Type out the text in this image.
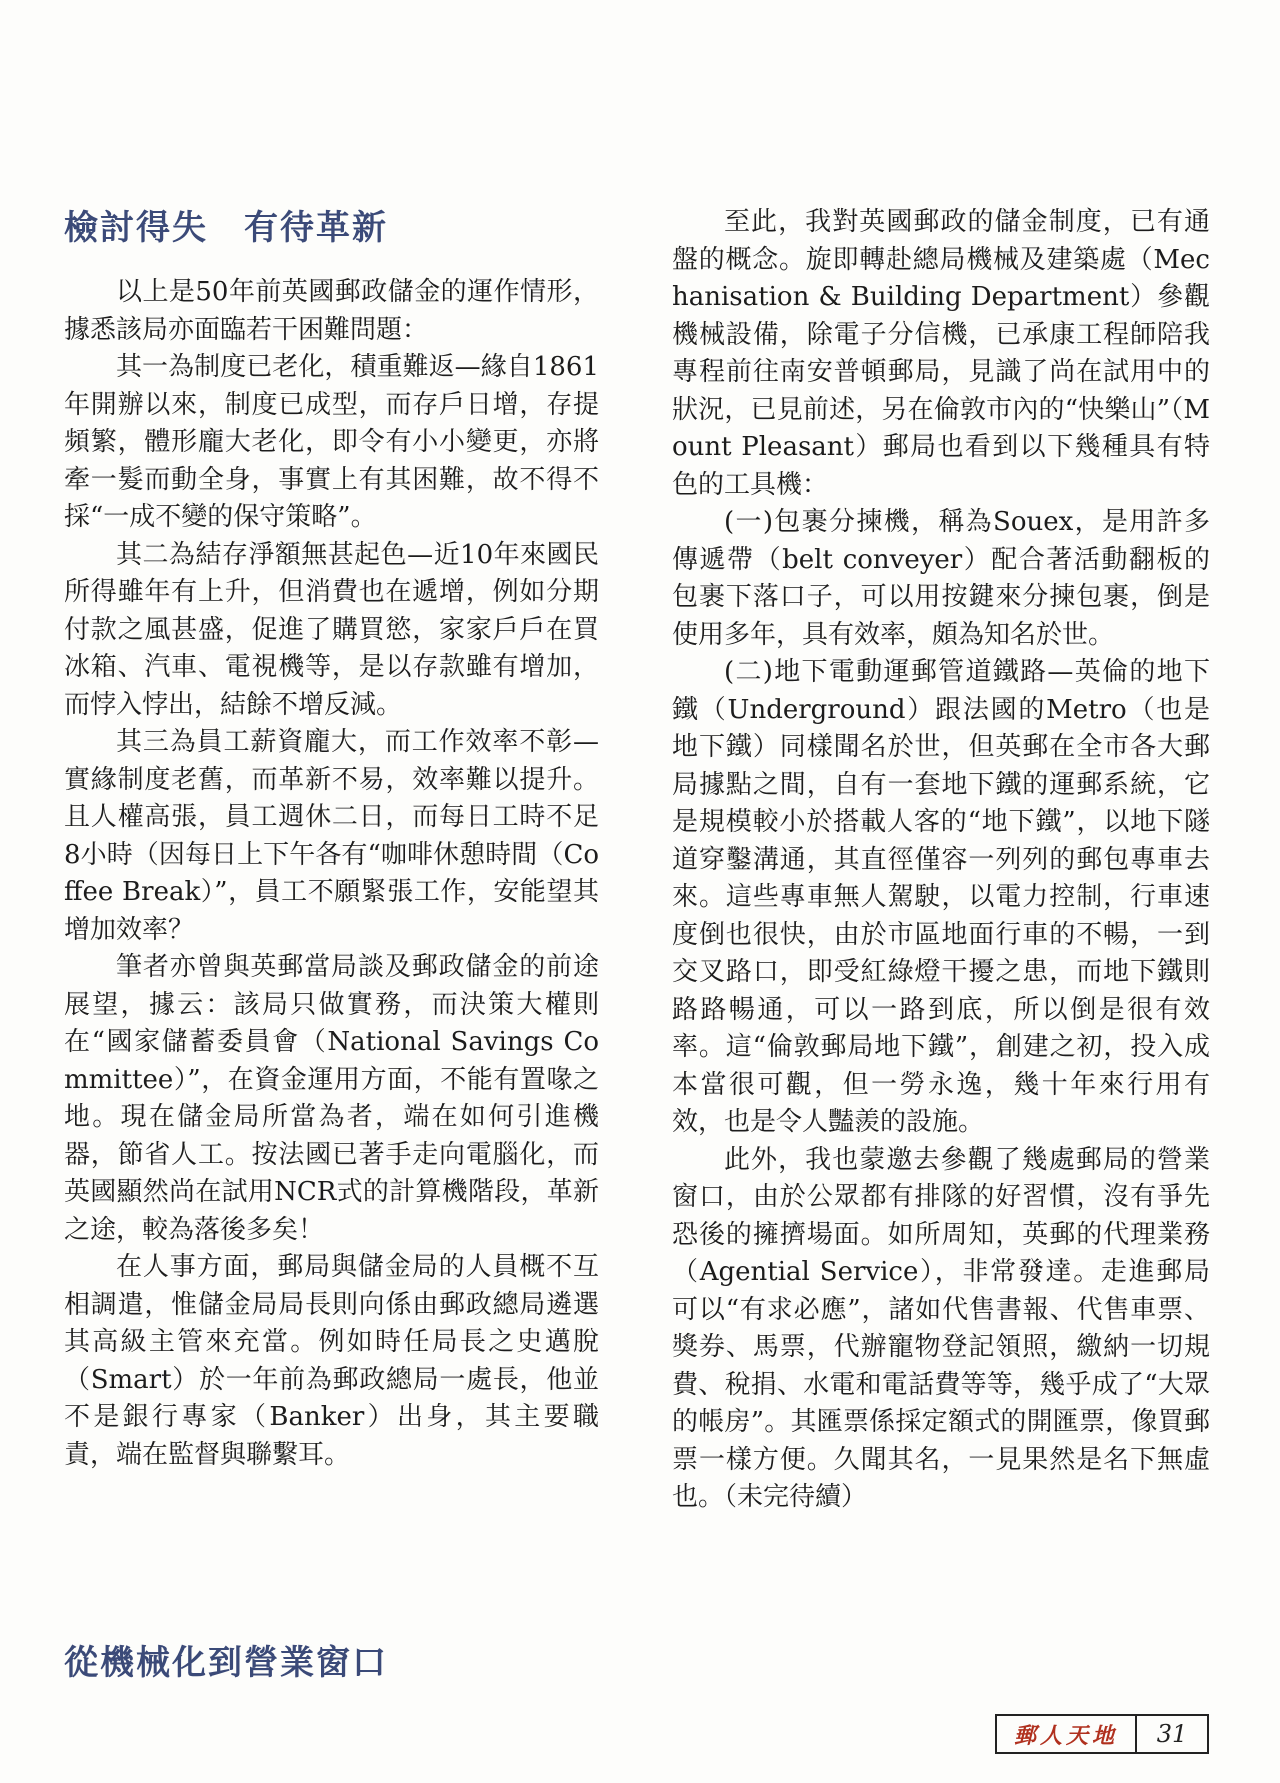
檢討得失　有待革新

以上是50年前英國郵政儲金的運作情形，據悉該局亦面臨若干困難問題：

其一為制度已老化，積重難返—緣自1861年開辦以來，制度已成型，而存戶日增，存提頻繁，體形龐大老化，即令有小小變更，亦將牽一髮而動全身，事實上有其困難，故不得不採“一成不變的保守策略”。

其二為結存淨額無甚起色—近10年來國民所得雖年有上升，但消費也在遞增，例如分期付款之風甚盛，促進了購買慾，家家戶戶在買冰箱、汽車、電視機等，是以存款雖有增加，而悖入悖出，結餘不增反減。

其三為員工薪資龐大，而工作效率不彰—實緣制度老舊，而革新不易，效率難以提升。且人權高張，員工週休二日，而每日工時不足8小時（因每日上下午各有“咖啡休憩時間（Coffee Break）”，員工不願緊張工作，安能望其增加效率？

筆者亦曾與英郵當局談及郵政儲金的前途展望，據云：該局只做實務，而決策大權則在“國家儲蓄委員會（National Savings Committee）”，在資金運用方面，不能有置喙之地。現在儲金局所當為者，端在如何引進機器，節省人工。按法國已著手走向電腦化，而英國顯然尚在試用NCR式的計算機階段，革新之途，較為落後多矣！

在人事方面，郵局與儲金局的人員概不互相調遣，惟儲金局局長則向係由郵政總局遴選其高級主管來充當。例如時任局長之史邁脫（Smart）於一年前為郵政總局一處長，他並不是銀行專家（Banker）出身，其主要職責，端在監督與聯繫耳。

從機械化到營業窗口

至此，我對英國郵政的儲金制度，已有通盤的概念。旋即轉赴總局機械及建築處（Mechanisation & Building Department）參觀機械設備，除電子分信機，已承康工程師陪我專程前往南安普頓郵局，見識了尚在試用中的狀況，已見前述，另在倫敦市內的“快樂山”（Mount Pleasant）郵局也看到以下幾種具有特色的工具機：

(一)包裹分揀機，稱為Souex，是用許多傳遞帶（belt conveyer）配合著活動翻板的包裹下落口子，可以用按鍵來分揀包裹，倒是使用多年，具有效率，頗為知名於世。

(二)地下電動運郵管道鐵路—英倫的地下鐵（Underground）跟法國的Metro（也是地下鐵）同樣聞名於世，但英郵在全市各大郵局據點之間，自有一套地下鐵的運郵系統，它是規模較小於搭載人客的“地下鐵”，以地下隧道穿鑿溝通，其直徑僅容一列列的郵包專車去來。這些專車無人駕駛，以電力控制，行車速度倒也很快，由於市區地面行車的不暢，一到交叉路口，即受紅綠燈干擾之患，而地下鐵則路路暢通，可以一路到底，所以倒是很有效率。這“倫敦郵局地下鐵”，創建之初，投入成本當很可觀，但一勞永逸，幾十年來行用有效，也是令人豔羨的設施。

此外，我也蒙邀去參觀了幾處郵局的營業窗口，由於公眾都有排隊的好習慣，沒有爭先恐後的擁擠場面。如所周知，英郵的代理業務（Agential Service），非常發達。走進郵局可以“有求必應”，諸如代售書報、代售車票、獎券、馬票，代辦寵物登記領照，繳納一切規費、稅捐、水電和電話費等等，幾乎成了“大眾的帳房”。其匯票係採定額式的開匯票，像買郵票一樣方便。久聞其名，一見果然是名下無虛也。（未完待續）

郵人天地	31
